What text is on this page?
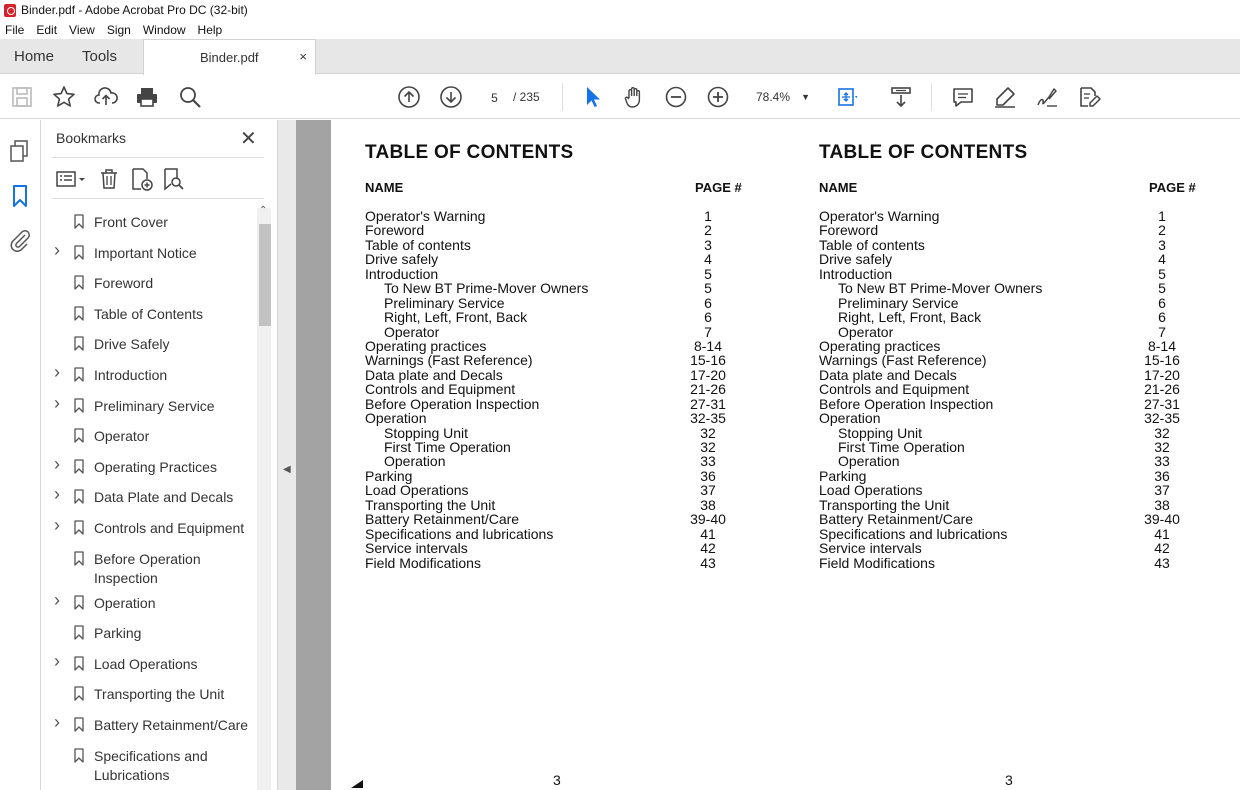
Binder.pdf - Adobe Acrobat Pro DC (32-bit)
File Edit View Sign Window Help
Home Tools	Binder.pdf	×
5	/ 235	78.4% ▼
Bookmarks	✕
Front Cover
› Important Notice
Foreword
Table of Contents
Drive Safely
› Introduction
› Preliminary Service
Operator
› Operating Practices
› Data Plate and Decals
› Controls and Equipment
Before Operation Inspection
› Operation
Parking
› Load Operations
Transporting the Unit
› Battery Retainment/Care
Specifications and Lubrications
⌃
◀
TABLE OF CONTENTS
NAME	PAGE #
Operator's Warning	1
Foreword	2
Table of contents	3
Drive safely	4
Introduction	5
To New BT Prime-Mover Owners	5
Preliminary Service	6
Right, Left, Front, Back	6
Operator	7
Operating practices	8-14
Warnings (Fast Reference)	15-16
Data plate and Decals	17-20
Controls and Equipment	21-26
Before Operation Inspection	27-31
Operation	32-35
Stopping Unit	32
First Time Operation	32
Operation	33
Parking	36
Load Operations	37
Transporting the Unit	38
Battery Retainment/Care	39-40
Specifications and lubrications	41
Service intervals	42
Field Modifications	43
TABLE OF CONTENTS
NAME	PAGE #
Operator's Warning	1
Foreword	2
Table of contents	3
Drive safely	4
Introduction	5
To New BT Prime-Mover Owners	5
Preliminary Service	6
Right, Left, Front, Back	6
Operator	7
Operating practices	8-14
Warnings (Fast Reference)	15-16
Data plate and Decals	17-20
Controls and Equipment	21-26
Before Operation Inspection	27-31
Operation	32-35
Stopping Unit	32
First Time Operation	32
Operation	33
Parking	36
Load Operations	37
Transporting the Unit	38
Battery Retainment/Care	39-40
Specifications and lubrications	41
Service intervals	42
Field Modifications	43
3	3
